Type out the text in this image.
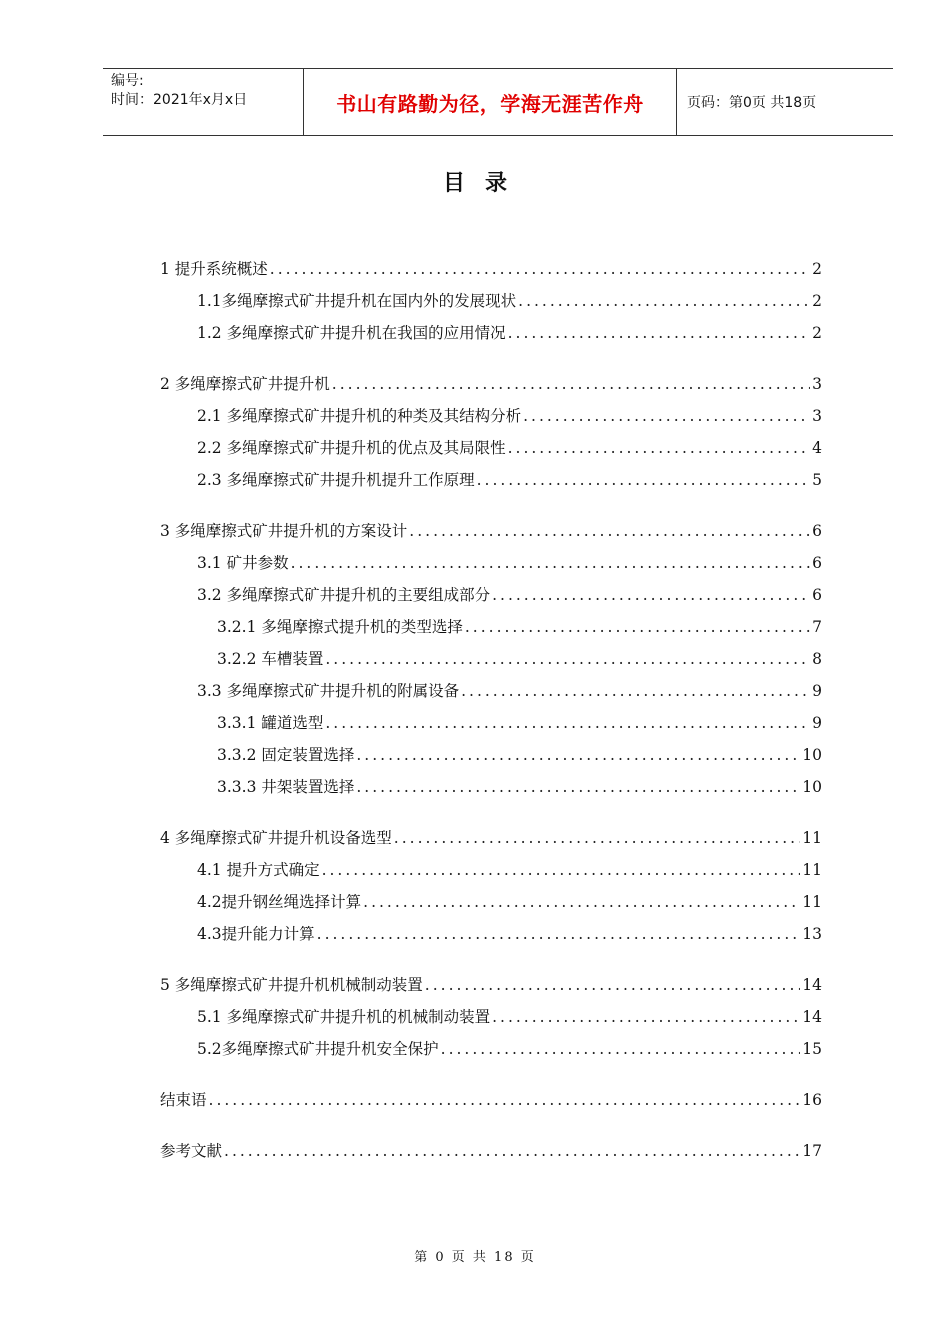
编号:
时间：2021年x月x日	书山有路勤为径，学海无涯苦作舟	页码：第0页 共18页
目录
1 提升系统概述 .....	2
1.1多绳摩擦式矿井提升机在国内外的发展现状 .....	2
1.2 多绳摩擦式矿井提升机在我国的应用情况 .....	2
2 多绳摩擦式矿井提升机 .....	3
2.1 多绳摩擦式矿井提升机的种类及其结构分析 .....	3
2.2 多绳摩擦式矿井提升机的优点及其局限性 .....	4
2.3 多绳摩擦式矿井提升机提升工作原理 .....	5
3 多绳摩擦式矿井提升机的方案设计 .....	6
3.1 矿井参数 .....	6
3.2 多绳摩擦式矿井提升机的主要组成部分 .....	6
3.2.1 多绳摩擦式提升机的类型选择 .....	7
3.2.2 车槽装置 .....	8
3.3 多绳摩擦式矿井提升机的附属设备 .....	9
3.3.1 罐道选型 .....	9
3.3.2 固定装置选择 .....	10
3.3.3 井架装置选择 .....	10
4 多绳摩擦式矿井提升机设备选型 .....	11
4.1 提升方式确定 .....	11
4.2提升钢丝绳选择计算 .....	11
4.3提升能力计算 .....	13
5 多绳摩擦式矿井提升机机械制动装置 .....	14
5.1 多绳摩擦式矿井提升机的机械制动装置 .....	14
5.2多绳摩擦式矿井提升机安全保护 .....	15
结束语 .....	16
参考文献 .....	17
第 0 页 共 18 页
